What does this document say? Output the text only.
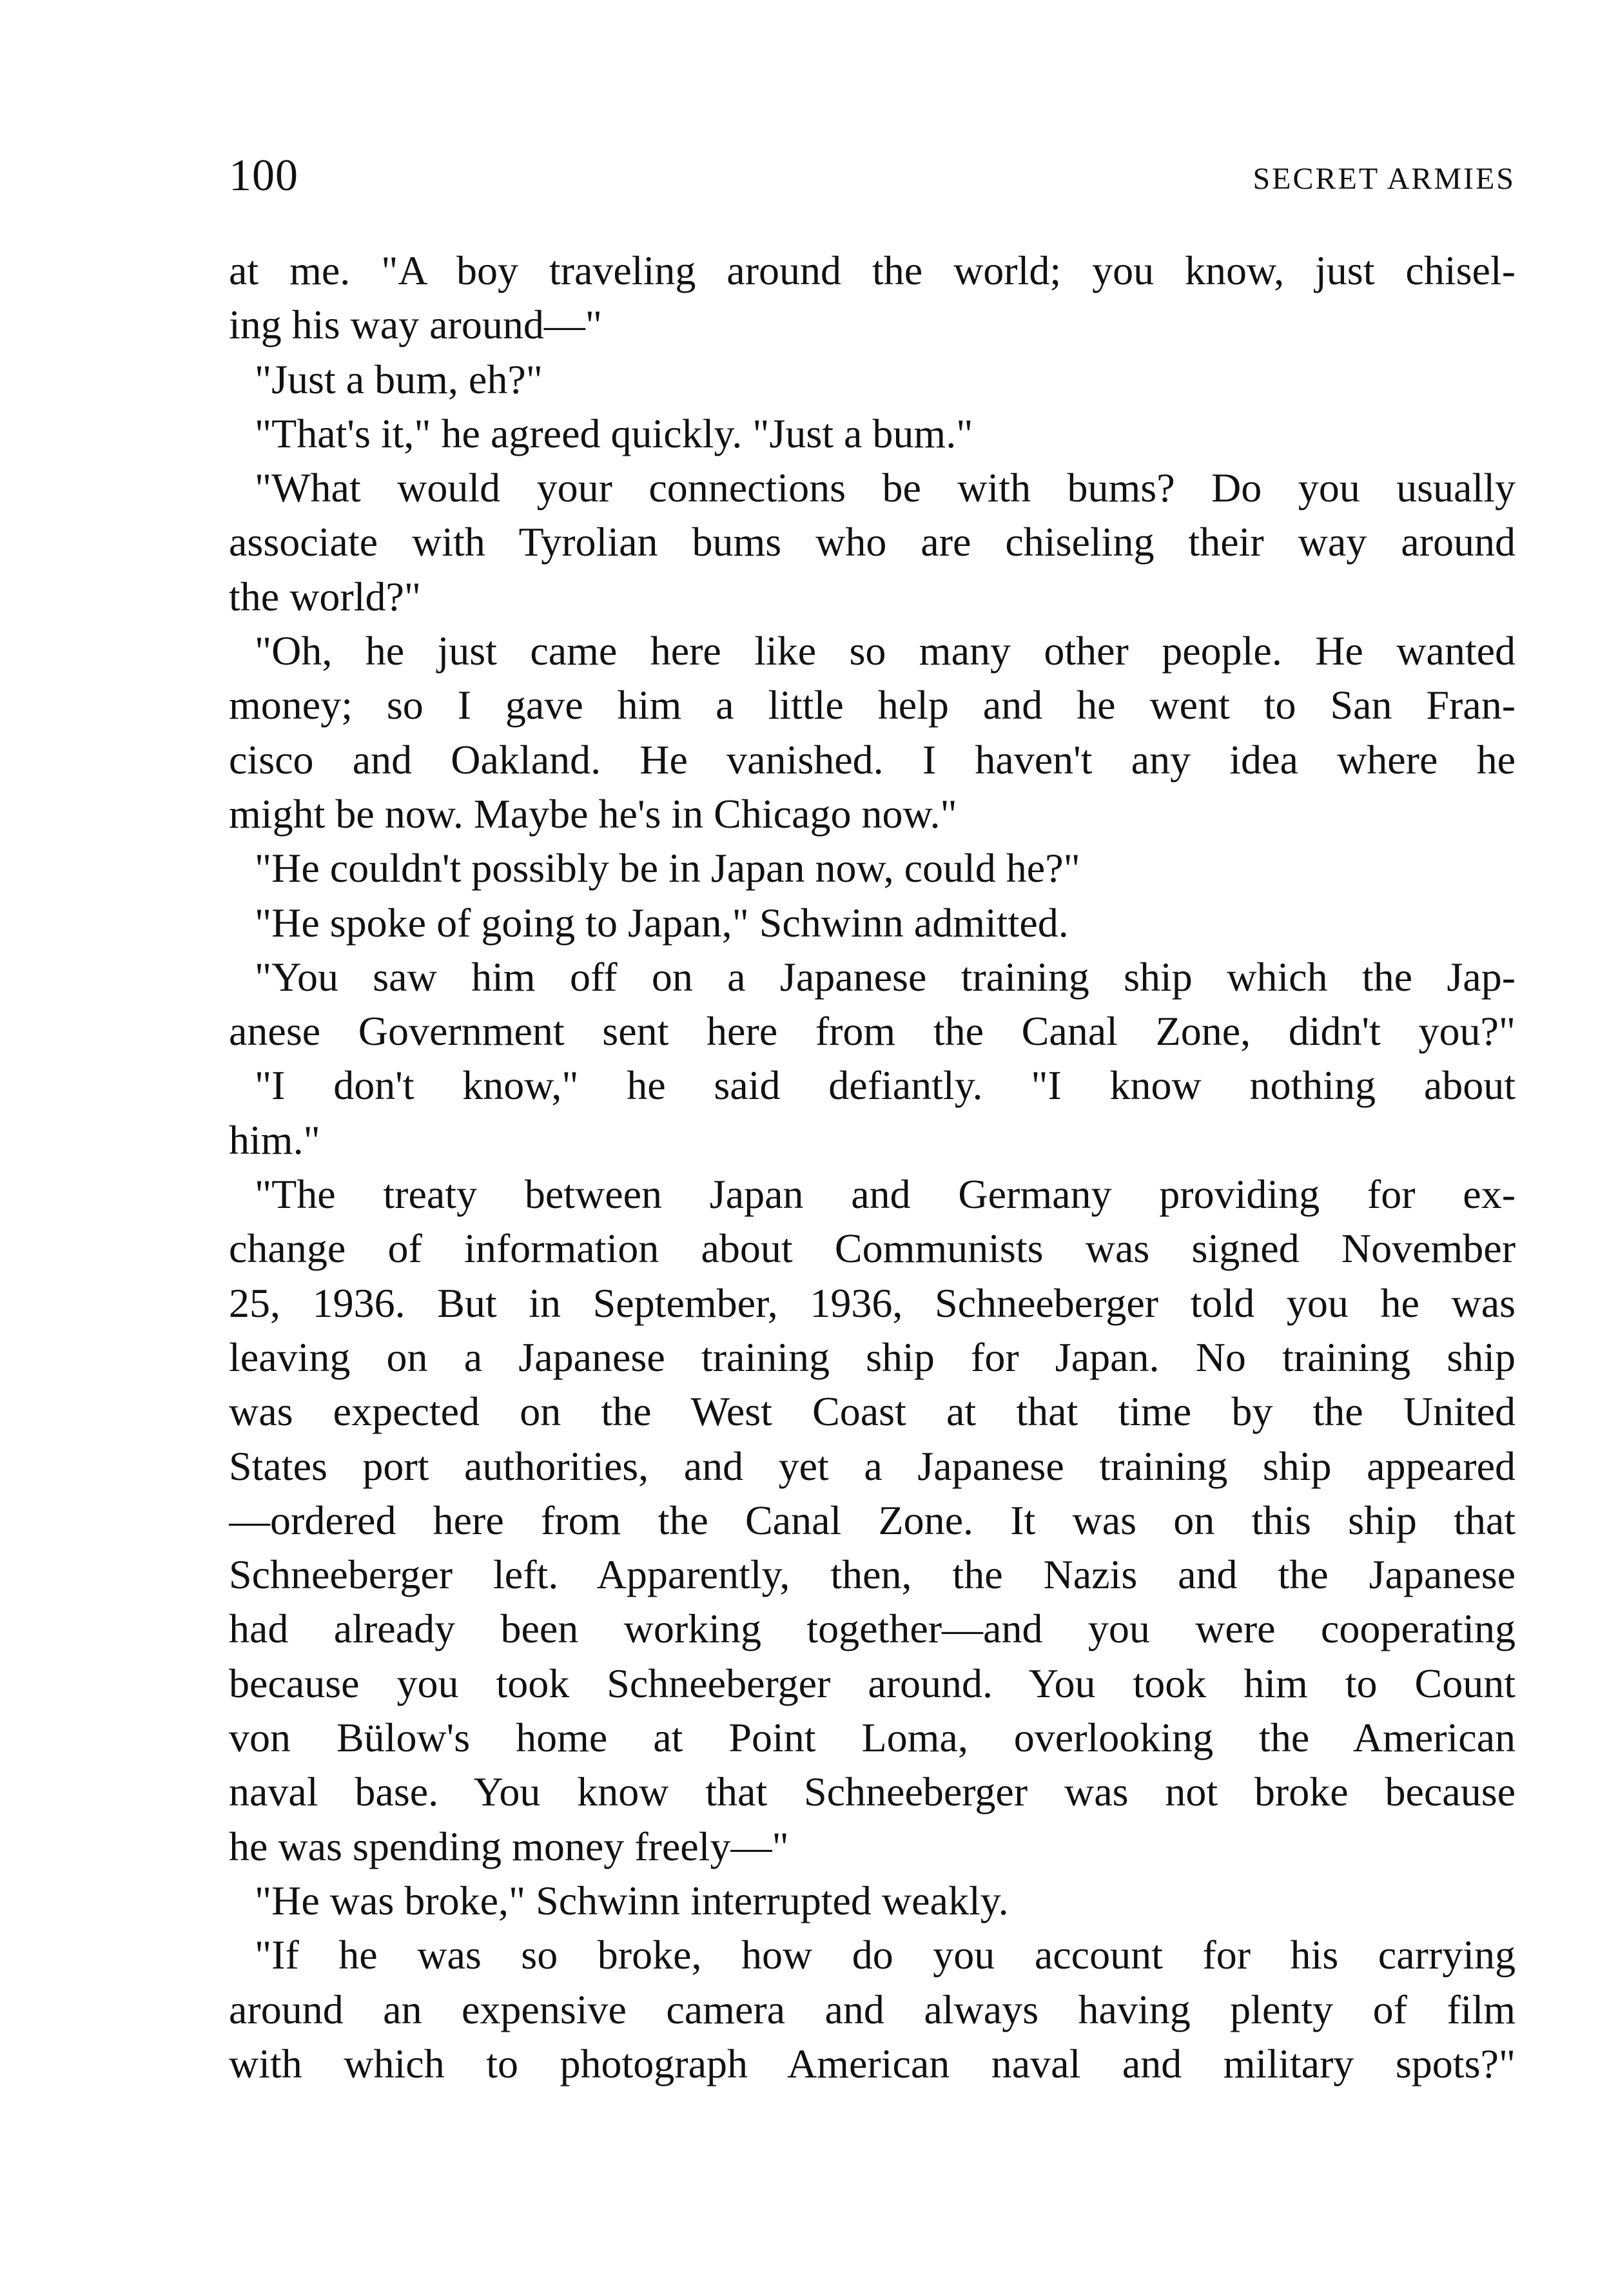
100	SECRET ARMIES
at me. "A boy traveling around the world; you know, just chisel-
ing his way around—"
"Just a bum, eh?"
"That's it," he agreed quickly. "Just a bum."
"What would your connections be with bums? Do you usually
associate with Tyrolian bums who are chiseling their way around
the world?"
"Oh, he just came here like so many other people. He wanted
money; so I gave him a little help and he went to San Fran-
cisco and Oakland. He vanished. I haven't any idea where he
might be now. Maybe he's in Chicago now."
"He couldn't possibly be in Japan now, could he?"
"He spoke of going to Japan," Schwinn admitted.
"You saw him off on a Japanese training ship which the Jap-
anese Government sent here from the Canal Zone, didn't you?"
"I don't know," he said defiantly. "I know nothing about
him."
"The treaty between Japan and Germany providing for ex-
change of information about Communists was signed November
25, 1936. But in September, 1936, Schneeberger told you he was
leaving on a Japanese training ship for Japan. No training ship
was expected on the West Coast at that time by the United
States port authorities, and yet a Japanese training ship appeared
—ordered here from the Canal Zone. It was on this ship that
Schneeberger left. Apparently, then, the Nazis and the Japanese
had already been working together—and you were cooperating
because you took Schneeberger around. You took him to Count
von Bülow's home at Point Loma, overlooking the American
naval base. You know that Schneeberger was not broke because
he was spending money freely—"
"He was broke," Schwinn interrupted weakly.
"If he was so broke, how do you account for his carrying
around an expensive camera and always having plenty of film
with which to photograph American naval and military spots?"
